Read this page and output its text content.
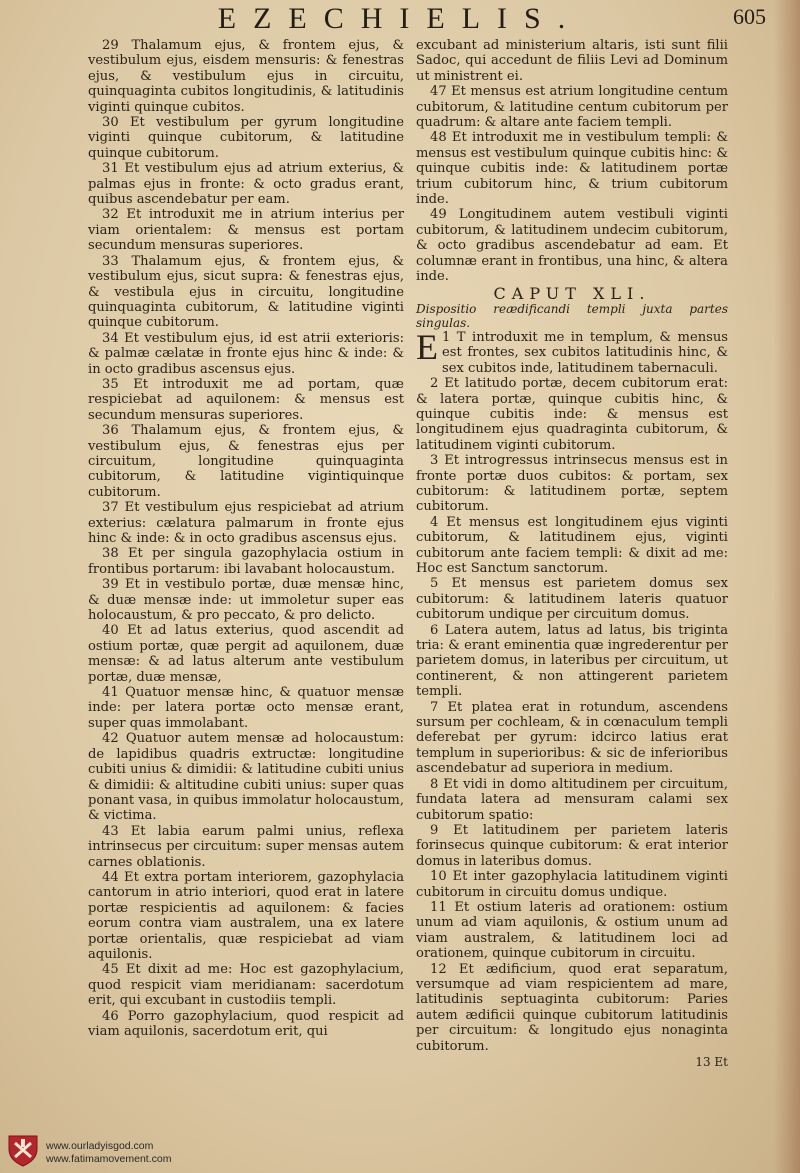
EZECHIELIS.	605

29 Thalamum ejus, & frontem ejus, & vestibulum ejus, eisdem mensuris: & fenestras ejus, & vestibulum ejus in circuitu, quinquaginta cubitos longitudinis, & latitudinis viginti quinque cubitos.

30 Et vestibulum per gyrum longitudine viginti quinque cubitorum, & latitudine quinque cubitorum.

31 Et vestibulum ejus ad atrium exterius, & palmas ejus in fronte: & octo gradus erant, quibus ascendebatur per eam.

32 Et introduxit me in atrium interius per viam orientalem: & mensus est portam secundum mensuras superiores.

33 Thalamum ejus, & frontem ejus, & vestibulum ejus, sicut supra: & fenestras ejus, & vestibula ejus in circuitu, longitudine quinquaginta cubitorum, & latitudine viginti quinque cubitorum.

34 Et vestibulum ejus, id est atrii exterioris: & palmæ cælatæ in fronte ejus hinc & inde: & in octo gradibus ascensus ejus.

35 Et introduxit me ad portam, quæ respiciebat ad aquilonem: & mensus est secundum mensuras superiores.

36 Thalamum ejus, & frontem ejus, & vestibulum ejus, & fenestras ejus per circuitum, longitudine quinquaginta cubitorum, & latitudine vigintiquinque cubitorum.

37 Et vestibulum ejus respiciebat ad atrium exterius: cælatura palmarum in fronte ejus hinc & inde: & in octo gradibus ascensus ejus.

38 Et per singula gazophylacia ostium in frontibus portarum: ibi lavabant holocaustum.

39 Et in vestibulo portæ, duæ mensæ hinc, & duæ mensæ inde: ut immoletur super eas holocaustum, & pro peccato, & pro delicto.

40 Et ad latus exterius, quod ascendit ad ostium portæ, quæ pergit ad aquilonem, duæ mensæ: & ad latus alterum ante vestibulum portæ, duæ mensæ,

41 Quatuor mensæ hinc, & quatuor mensæ inde: per latera portæ octo mensæ erant, super quas immolabant.

42 Quatuor autem mensæ ad holocaustum: de lapidibus quadris extructæ: longitudine cubiti unius & dimidii: & latitudine cubiti unius & dimidii: & altitudine cubiti unius: super quas ponant vasa, in quibus immolatur holocaustum, & victima.

43 Et labia earum palmi unius, reflexa intrinsecus per circuitum: super mensas autem carnes oblationis.

44 Et extra portam interiorem, gazophylacia cantorum in atrio interiori, quod erat in latere portæ respicientis ad aquilonem: & facies eorum contra viam australem, una ex latere portæ orientalis, quæ respiciebat ad viam aquilonis.

45 Et dixit ad me: Hoc est gazophylacium, quod respicit viam meridianam: sacerdotum erit, qui excubant in custodiis templi.

46 Porro gazophylacium, quod respicit ad viam aquilonis, sacerdotum erit, qui

excubant ad ministerium altaris, isti sunt filii Sadoc, qui accedunt de filiis Levi ad Dominum ut ministrent ei.

47 Et mensus est atrium longitudine centum cubitorum, & latitudine centum cubitorum per quadrum: & altare ante faciem templi.

48 Et introduxit me in vestibulum templi: & mensus est vestibulum quinque cubitis hinc: & quinque cubitis inde: & latitudinem portæ trium cubitorum hinc, & trium cubitorum inde.

49 Longitudinem autem vestibuli viginti cubitorum, & latitudinem undecim cubitorum, & octo gradibus ascendebatur ad eam. Et columnæ erant in frontibus, una hinc, & altera inde.

CAPUT XLI.

Dispositio reædificandi templi juxta partes singulas.

E 1 T introduxit me in templum, & mensus est frontes, sex cubitos latitudinis hinc, & sex cubitos inde, latitudinem tabernaculi.

2 Et latitudo portæ, decem cubitorum erat: & latera portæ, quinque cubitis hinc, & quinque cubitis inde: & mensus est longitudinem ejus quadraginta cubitorum, & latitudinem viginti cubitorum.

3 Et introgressus intrinsecus mensus est in fronte portæ duos cubitos: & portam, sex cubitorum: & latitudinem portæ, septem cubitorum.

4 Et mensus est longitudinem ejus viginti cubitorum, & latitudinem ejus, viginti cubitorum ante faciem templi: & dixit ad me: Hoc est Sanctum sanctorum.

5 Et mensus est parietem domus sex cubitorum: & latitudinem lateris quatuor cubitorum undique per circuitum domus.

6 Latera autem, latus ad latus, bis triginta tria: & erant eminentia quæ ingrederentur per parietem domus, in lateribus per circuitum, ut continerent, & non attingerent parietem templi.

7 Et platea erat in rotundum, ascendens sursum per cochleam, & in cœnaculum templi deferebat per gyrum: idcirco latius erat templum in superioribus: & sic de inferioribus ascendebatur ad superiora in medium.

8 Et vidi in domo altitudinem per circuitum, fundata latera ad mensuram calami sex cubitorum spatio:

9 Et latitudinem per parietem lateris forinsecus quinque cubitorum: & erat interior domus in lateribus domus.

10 Et inter gazophylacia latitudinem viginti cubitorum in circuitu domus undique.

11 Et ostium lateris ad orationem: ostium unum ad viam aquilonis, & ostium unum ad viam australem, & latitudinem loci ad orationem, quinque cubitorum in circuitu.

12 Et ædificium, quod erat separatum, versumque ad viam respicientem ad mare, latitudinis septuaginta cubitorum: Paries autem ædificii quinque cubitorum latitudinis per circuitum: & longitudo ejus nonaginta cubitorum.

13 Et
www.ourladyisgod.com
www.fatimamovement.com
